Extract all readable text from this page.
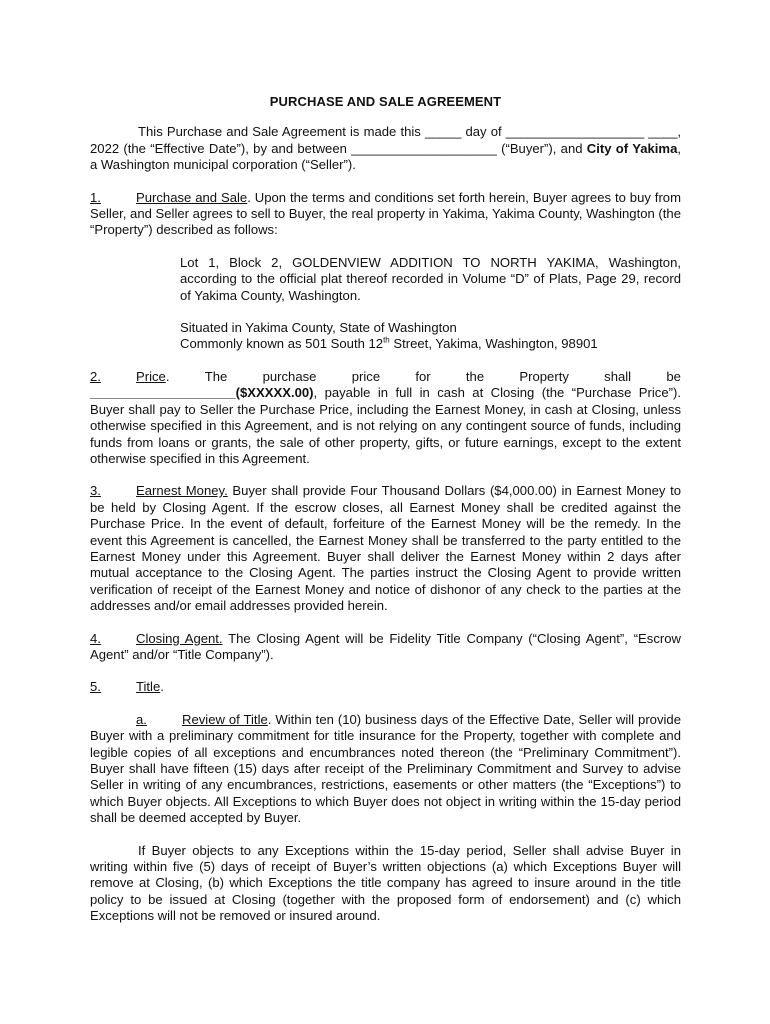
PURCHASE AND SALE AGREEMENT

This Purchase and Sale Agreement is made this _____ day of ___________________ ____, 2022 (the “Effective Date”), by and between ____________________ (“Buyer”), and City of Yakima, a Washington municipal corporation (“Seller”).

1.	Purchase and Sale. Upon the terms and conditions set forth herein, Buyer agrees to buy from Seller, and Seller agrees to sell to Buyer, the real property in Yakima, Yakima County, Washington (the “Property”) described as follows:

Lot 1, Block 2, GOLDENVIEW ADDITION TO NORTH YAKIMA, Washington, according to the official plat thereof recorded in Volume “D” of Plats, Page 29, record of Yakima County, Washington.

Situated in Yakima County, State of Washington

Commonly known as 501 South 12th Street, Yakima, Washington, 98901

2.	Price.	The	purchase	price	for	the	Property	shall	be

____________________($XXXXX.00), payable in full in cash at Closing (the “Purchase Price”). Buyer shall pay to Seller the Purchase Price, including the Earnest Money, in cash at Closing, unless otherwise specified in this Agreement, and is not relying on any contingent source of funds, including funds from loans or grants, the sale of other property, gifts, or future earnings, except to the extent otherwise specified in this Agreement.

3.	Earnest Money. Buyer shall provide Four Thousand Dollars ($4,000.00) in Earnest Money to be held by Closing Agent. If the escrow closes, all Earnest Money shall be credited against the Purchase Price. In the event of default, forfeiture of the Earnest Money will be the remedy. In the event this Agreement is cancelled, the Earnest Money shall be transferred to the party entitled to the Earnest Money under this Agreement. Buyer shall deliver the Earnest Money within 2 days after mutual acceptance to the Closing Agent. The parties instruct the Closing Agent to provide written verification of receipt of the Earnest Money and notice of dishonor of any check to the parties at the addresses and/or email addresses provided herein.

4.	Closing Agent. The Closing Agent will be Fidelity Title Company (“Closing Agent”, “Escrow Agent” and/or “Title Company”).

5.	Title.

a.	Review of Title. Within ten (10) business days of the Effective Date, Seller will provide Buyer with a preliminary commitment for title insurance for the Property, together with complete and legible copies of all exceptions and encumbrances noted thereon (the “Preliminary Commitment”). Buyer shall have fifteen (15) days after receipt of the Preliminary Commitment and Survey to advise Seller in writing of any encumbrances, restrictions, easements or other matters (the “Exceptions”) to which Buyer objects. All Exceptions to which Buyer does not object in writing within the 15-day period shall be deemed accepted by Buyer.

If Buyer objects to any Exceptions within the 15-day period, Seller shall advise Buyer in writing within five (5) days of receipt of Buyer’s written objections (a) which Exceptions Buyer will remove at Closing, (b) which Exceptions the title company has agreed to insure around in the title policy to be issued at Closing (together with the proposed form of endorsement) and (c) which Exceptions will not be removed or insured around.
